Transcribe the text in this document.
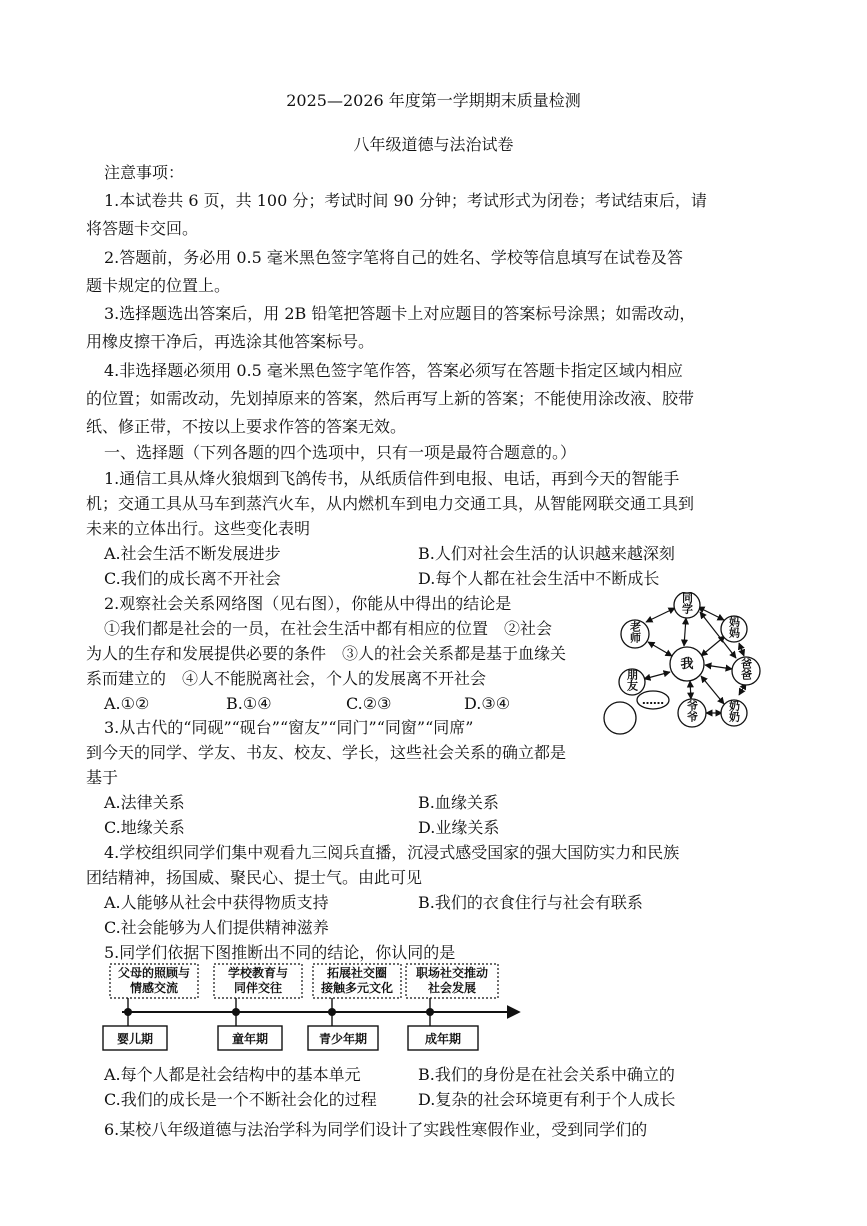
2025—2026 年度第一学期期末质量检测
八年级道德与法治试卷
注意事项：
1.本试卷共 6 页，共 100 分；考试时间 90 分钟；考试形式为闭卷；考试结束后，请
将答题卡交回。
2.答题前，务必用 0.5 毫米黑色签字笔将自己的姓名、学校等信息填写在试卷及答
题卡规定的位置上。
3.选择题选出答案后，用 2B 铅笔把答题卡上对应题目的答案标号涂黑；如需改动，
用橡皮擦干净后，再选涂其他答案标号。
4.非选择题必须用 0.5 毫米黑色签字笔作答，答案必须写在答题卡指定区域内相应
的位置；如需改动，先划掉原来的答案，然后再写上新的答案；不能使用涂改液、胶带
纸、修正带，不按以上要求作答的答案无效。
一、选择题（下列各题的四个选项中，只有一项是最符合题意的。）
1.通信工具从烽火狼烟到飞鸽传书，从纸质信件到电报、电话，再到今天的智能手
机；交通工具从马车到蒸汽火车，从内燃机车到电力交通工具，从智能网联交通工具到
未来的立体出行。这些变化表明
A.社会生活不断发展进步	B.人们对社会生活的认识越来越深刻
C.我们的成长离不开社会	D.每个人都在社会生活中不断成长
2.观察社会关系网络图（见右图），你能从中得出的结论是
①我们都是社会的一员，在社会生活中都有相应的位置　②社会
为人的生存和发展提供必要的条件　③人的社会关系都是基于血缘关
系而建立的　④人不能脱离社会，个人的发展离不开社会
A.①②	B.①④	C.②③	D.③④
我
同学
妈妈
爸爸
奶奶
爷爷
朋友
老师
……
3.从古代的“同砚”“砚台”“窗友”“同门”“同窗”“同席”
到今天的同学、学友、书友、校友、学长，这些社会关系的确立都是
基于
A.法律关系	B.血缘关系
C.地缘关系	D.业缘关系
4.学校组织同学们集中观看九三阅兵直播，沉浸式感受国家的强大国防实力和民族
团结精神，扬国威、聚民心、提士气。由此可见
A.人能够从社会中获得物质支持	B.我们的衣食住行与社会有联系
C.社会能够为人们提供精神滋养
5.同学们依据下图推断出不同的结论，你认同的是
父母的照顾与
情感交流
学校教育与
同伴交往
拓展社交圈
接触多元文化
职场社交推动
社会发展
婴儿期	童年期	青少年期	成年期
A.每个人都是社会结构中的基本单元	B.我们的身份是在社会关系中确立的
C.我们的成长是一个不断社会化的过程	D.复杂的社会环境更有利于个人成长
6.某校八年级道德与法治学科为同学们设计了实践性寒假作业，受到同学们的
